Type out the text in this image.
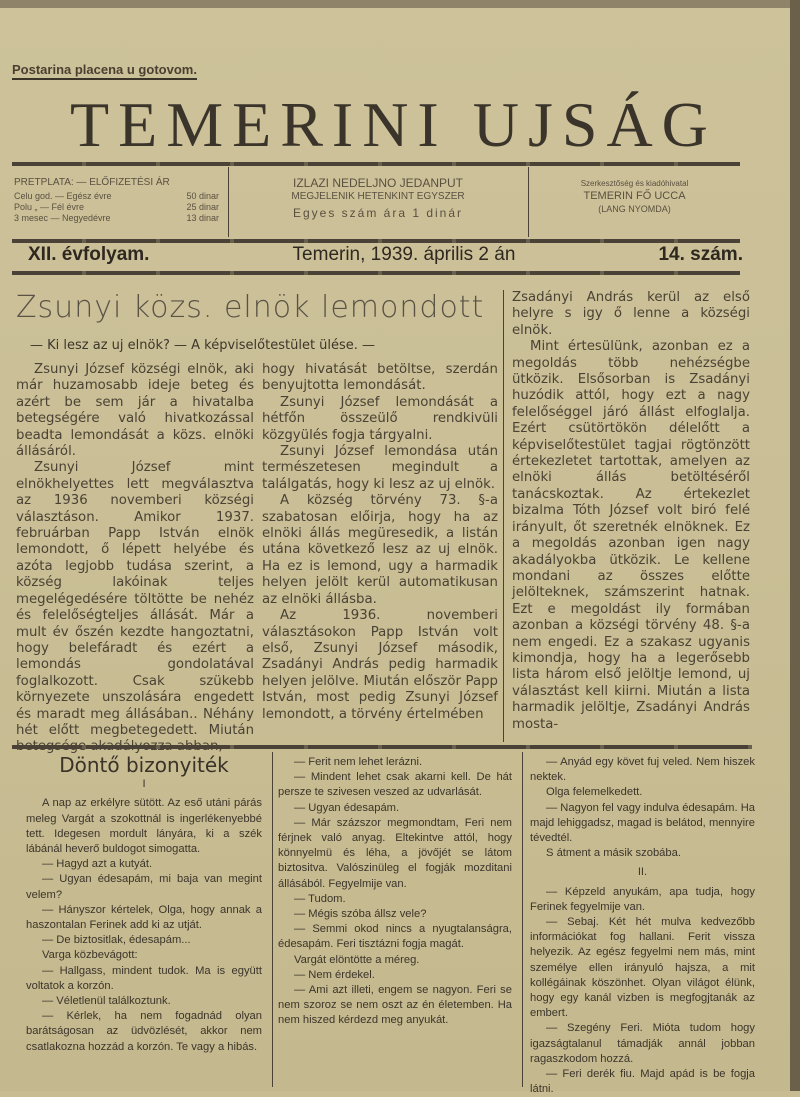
Postarina placena u gotovom.
TEMERINI UJSÁG
PRETPLATA: — ELŐFIZETÉSI ÁR
Celu god. — Egész évre	50 dinar
Polu „ — Fél évre	25 dinar
3 mesec — Negyedévre	13 dinar
IZLAZI NEDELJNO JEDANPUT
MEGJELENIK HETENKINT EGYSZER
Egyes szám ára 1 dinár
Szerkesztőség és kiadóhivatal
TEMERIN FŐ UCCA
(LANG NYOMDA)
XII. évfolyam.	Temerin, 1939. április 2 án	14. szám.
Zsunyi közs. elnök lemondott
— Ki lesz az uj elnök? — A képviselőtestület ülése. —

Zsunyi József községi elnök, aki már huzamosabb ideje beteg és azért be sem jár a hivatalba betegségére való hivatkozással beadta lemondását a közs. elnöki állásáról.

Zsunyi József mint elnökhelyettes lett megválasztva az 1936 novemberi községi választáson. Amikor 1937. februárban Papp István elnök lemondott, ő lépett helyébe és azóta legjobb tudása szerint, a község lakóinak teljes megelégedésére töltötte be nehéz és felelőségteljes állását. Már a mult év őszén kezdte hangoztatni, hogy belefáradt és ezért a lemondás gondolatával foglalkozott. Csak szükebb környezete unszolására engedett és maradt meg állásában.. Néhány hét előtt megbetegedett. Miután

hogy hivatását betöltse, szerdán benyujtotta lemondását.

Zsunyi József lemondását a hétfőn összeülő rendkivüli közgyülés fogja tárgyalni.

Zsunyi József lemondása után természetesen megindult a találgatás, hogy ki lesz az uj elnök.

A község törvény 73. §-a szabatosan előirja, hogy ha az elnöki állás megüresedik, a listán utána következő lesz az uj elnök. Ha ez is lemond, ugy a harmadik helyen jelölt kerül automatikusan az elnöki állásba.

Az 1936. novemberi választásokon Papp István volt első, Zsunyi József második, Zsadányi András pedig harmadik helyen jelölve. Miután először Papp István, most pedig Zsunyi József lemondott, a törvény értelmében

Zsadányi András kerül az első helyre s igy ő lenne a községi elnök.

Mint értesülünk, azonban ez a megoldás több nehézségbe ütközik. Elsősorban is Zsadányi huzódik attól, hogy ezt a nagy felelőséggel járó állást elfoglalja. Ezért csütörtökön délelőtt a képviselőtestület tagjai rögtönzött értekezletet tartottak, amelyen az elnöki állás betöltéséről tanácskoztak. Az értekezlet bizalma Tóth József volt biró felé irányult, őt szeretnék elnöknek. Ez a megoldás azonban igen nagy akadályokba ütközik. Le kellene mondani az összes előtte jelölteknek, számszerint hatnak. Ezt e megoldást ily formában azonban a községi törvény 48. §-a nem engedi. Ez a szakasz ugyanis kimondja, hogy ha a legerősebb lista három első jelöltje lemond, uj választást kell kiirni. Miután a lista harmadik jelöltje, Zsadányi András mosta-

Döntő bizonyiték

I

A nap az erkélyre sütött. Az eső utáni párás meleg Vargát a szokottnál is ingerlékenyebbé tett. Idegesen mordult lányára, ki a szék lábánál heverő buldogot simogatta.

— Hagyd azt a kutyát.

— Ugyan édesapám, mi baja van megint velem?

— Hányszor kértelek, Olga, hogy annak a haszontalan Ferinek add ki az utját.

— De biztositlak, édesapám...

Varga közbevágott:

— Hallgass, mindent tudok. Ma is együtt voltatok a korzón.

— Véletlenül találkoztunk.

— Kérlek, ha nem fogadnád olyan barátságosan az üdvözlését, akkor nem csatlakozna hozzád a korzón. Te vagy a hibás.

— Ferit nem lehet lerázni.

— Mindent lehet csak akarni kell. De hát persze te szivesen veszed az udvarlását.

— Ugyan édesapám.

— Már százszor megmondtam, Feri nem férjnek való anyag. Eltekintve attól, hogy könnyelmü és léha, a jövőjét se látom biztositva. Valószinüleg el fogják mozditani állásából. Fegyelmije van.

— Tudom.

— Mégis szóba állsz vele?

— Semmi okod nincs a nyugtalanságra, édesapám. Feri tisztázni fogja magát.

Vargát elöntötte a méreg.

— Nem érdekel.

— Ami azt illeti, engem se nagyon. Feri se nem szoroz se nem oszt az én életemben. Ha nem hiszed kérdezd meg anyukát.

— Anyád egy követ fuj veled. Nem hiszek nektek.

Olga felemelkedett.

— Nagyon fel vagy indulva édesapám. Ha majd lehiggadsz, magad is belátod, mennyire tévedtél.

S átment a másik szobába.

II.

— Képzeld anyukám, apa tudja, hogy Ferinek fegyelmije van.

— Sebaj. Két hét mulva kedvezőbb információkat fog hallani. Ferit vissza helyezik. Az egész fegyelmi nem más, mint személye ellen irányuló hajsza, a mit kollégáinak köszönhet. Olyan világot élünk, hogy egy kanál vizben is megfogjtanák az embert.

— Szegény Feri. Mióta tudom hogy igazságtalanul támadják annál jobban ragaszkodom hozzá.

— Feri derék fiu. Majd apád is be fogja látni.
